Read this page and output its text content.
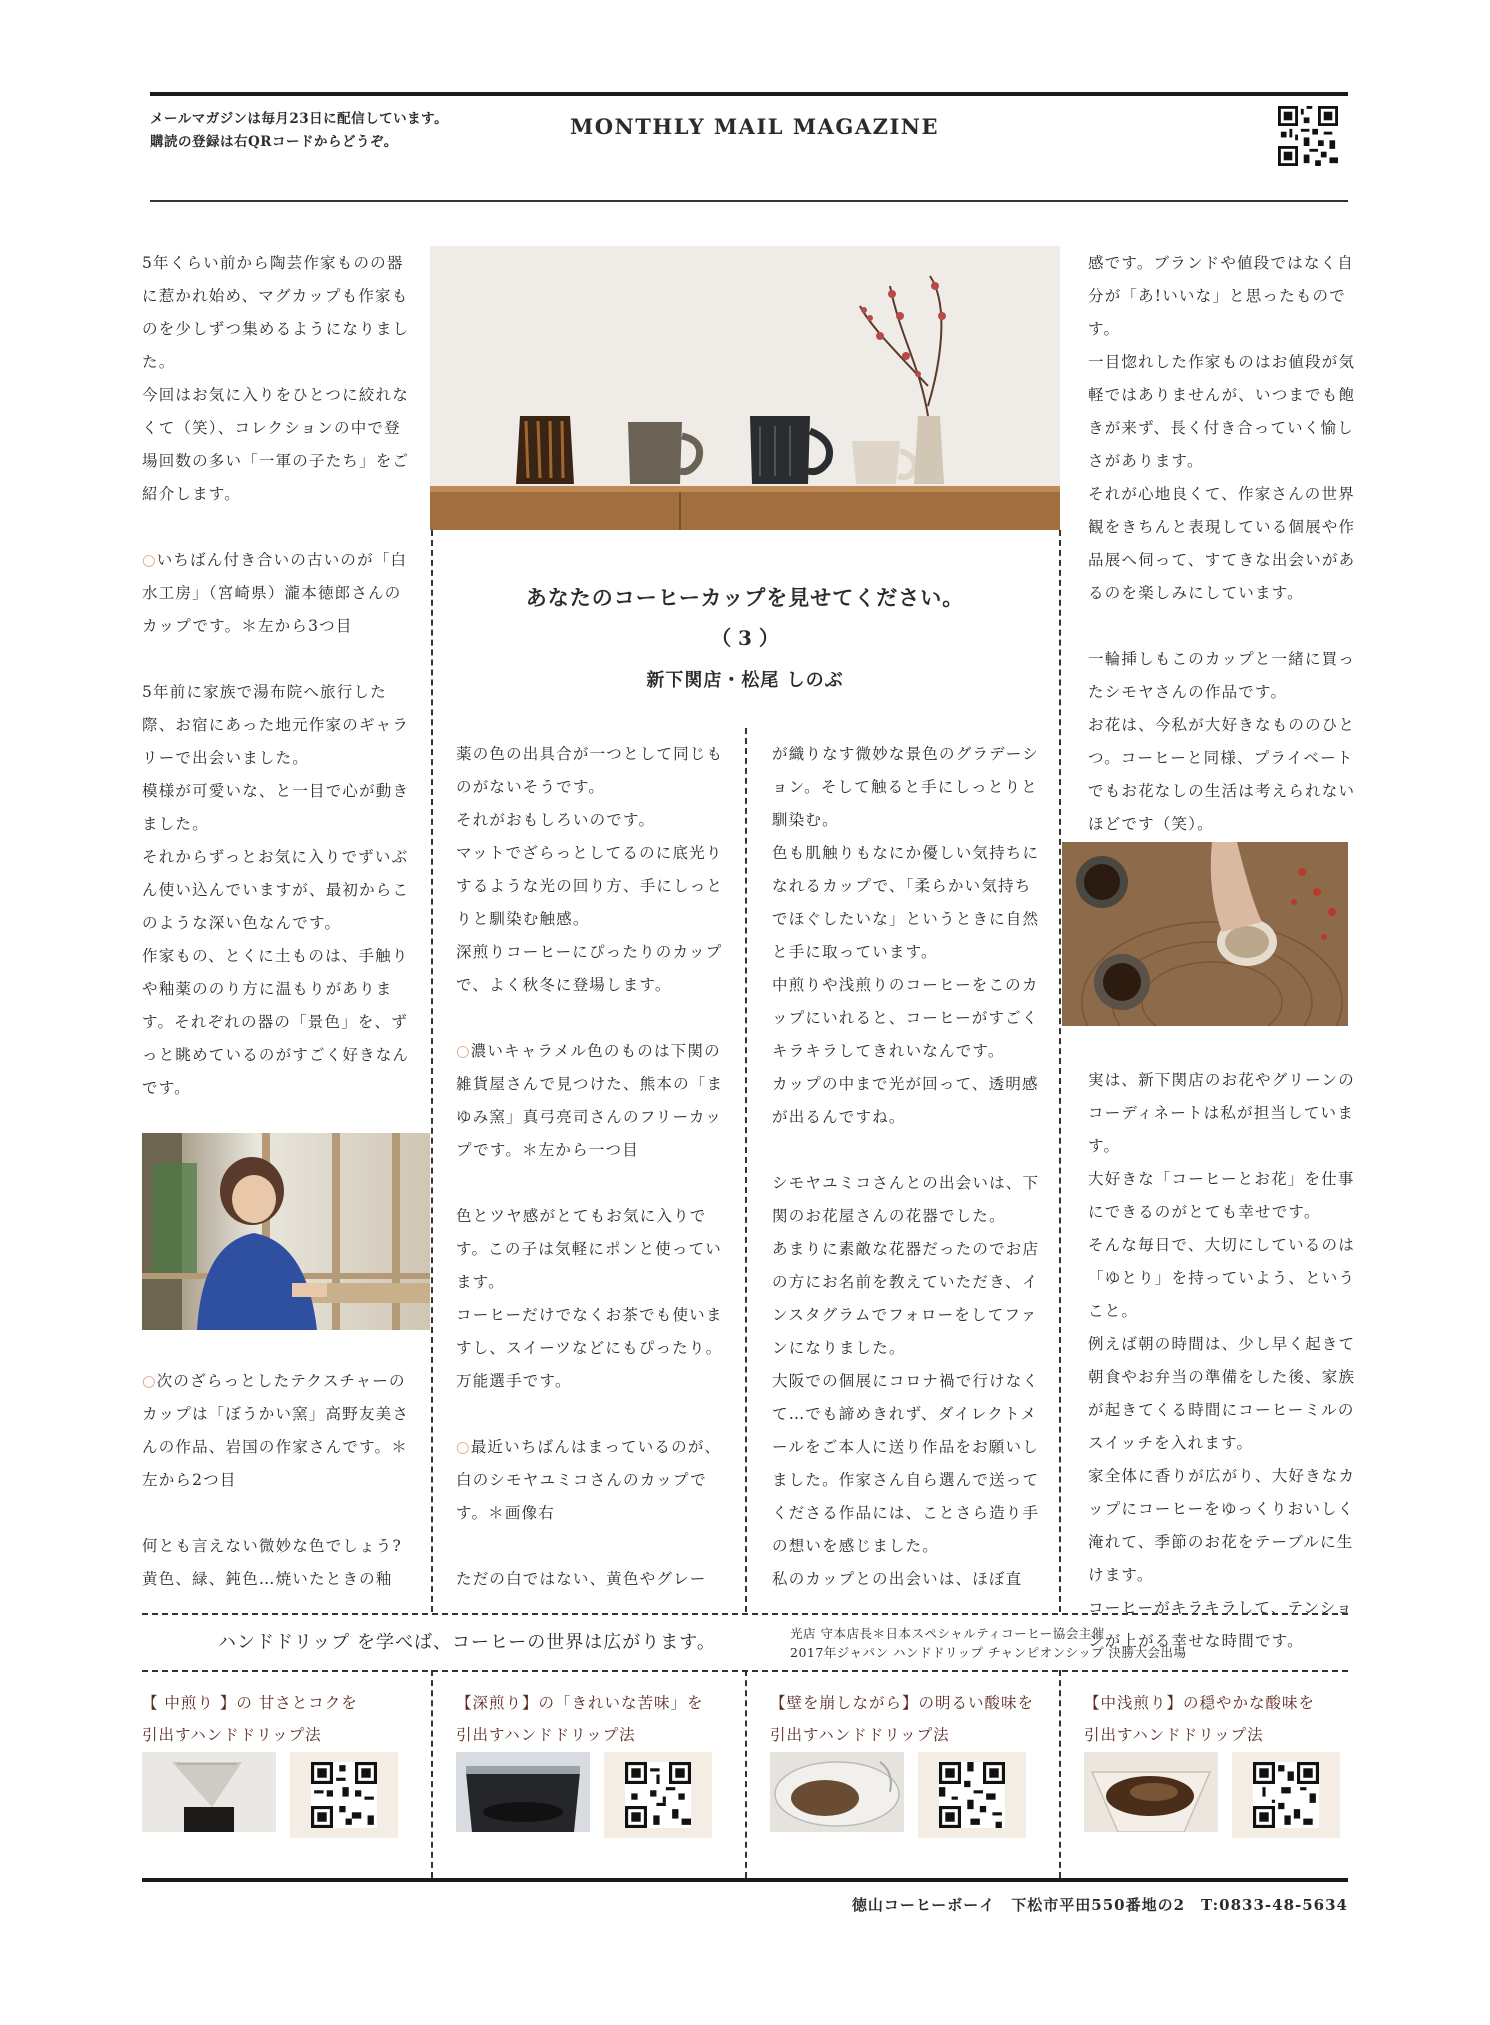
メールマガジンは毎月23日に配信しています。
購読の登録は右QRコードからどうぞ。
MONTHLY MAIL MAGAZINE

5年くらい前から陶芸作家ものの器に惹かれ始め、マグカップも作家ものを少しずつ集めるようになりました。
今回はお気に入りをひとつに絞れなくて（笑）、コレクションの中で登場回数の多い「一軍の子たち」をご紹介します。

○いちばん付き合いの古いのが「白水工房」（宮崎県）瀧本徳郎さんのカップです。＊左から3つ目

5年前に家族で湯布院へ旅行した際、お宿にあった地元作家のギャラリーで出会いました。
模様が可愛いな、と一目で心が動きました。
それからずっとお気に入りでずいぶん使い込んでいますが、最初からこのような深い色なんです。
作家もの、とくに土ものは、手触りや釉薬ののり方に温もりがあります。それぞれの器の「景色」を、ずっと眺めているのがすごく好きなんです。

○次のざらっとしたテクスチャーのカップは「ぼうかい窯」高野友美さんの作品、岩国の作家さんです。＊左から2つ目

何とも言えない微妙な色でしょう?
黄色、緑、鈍色…焼いたときの釉

あなたのコーヒーカップを見せてください。
（ 3 ）
新下関店・松尾 しのぶ

薬の色の出具合が一つとして同じものがないそうです。
それがおもしろいのです。
マットでざらっとしてるのに底光りするような光の回り方、手にしっとりと馴染む触感。
深煎りコーヒーにぴったりのカップで、よく秋冬に登場します。

○濃いキャラメル色のものは下関の雑貨屋さんで見つけた、熊本の「まゆみ窯」真弓亮司さんのフリーカップです。＊左から一つ目

色とツヤ感がとてもお気に入りです。この子は気軽にポンと使っています。
コーヒーだけでなくお茶でも使いますし、スイーツなどにもぴったり。万能選手です。

○最近いちばんはまっているのが、白のシモヤユミコさんのカップです。＊画像右

ただの白ではない、黄色やグレー

が織りなす微妙な景色のグラデーション。そして触ると手にしっとりと馴染む。
色も肌触りもなにか優しい気持ちになれるカップで、「柔らかい気持ちでほぐしたいな」というときに自然と手に取っています。
中煎りや浅煎りのコーヒーをこのカップにいれると、コーヒーがすごくキラキラしてきれいなんです。
カップの中まで光が回って、透明感が出るんですね。

シモヤユミコさんとの出会いは、下関のお花屋さんの花器でした。
あまりに素敵な花器だったのでお店の方にお名前を教えていただき、インスタグラムでフォローをしてファンになりました。
大阪での個展にコロナ禍で行けなくて…でも諦めきれず、ダイレクトメールをご本人に送り作品をお願いしました。作家さん自ら選んで送ってくださる作品には、ことさら造り手の想いを感じました。
私のカップとの出会いは、ほぼ直

感です。ブランドや値段ではなく自分が「あ!いいな」と思ったものです。
一目惚れした作家ものはお値段が気軽ではありませんが、いつまでも飽きが来ず、長く付き合っていく愉しさがあります。
それが心地良くて、作家さんの世界観をきちんと表現している個展や作品展へ伺って、すてきな出会いがあるのを楽しみにしています。

一輪挿しもこのカップと一緒に買ったシモヤさんの作品です。
お花は、今私が大好きなもののひとつ。コーヒーと同様、プライベートでもお花なしの生活は考えられないほどです（笑）。

実は、新下関店のお花やグリーンのコーディネートは私が担当しています。
大好きな「コーヒーとお花」を仕事にできるのがとても幸せです。
そんな毎日で、大切にしているのは「ゆとり」を持っていよう、ということ。
例えば朝の時間は、少し早く起きて朝食やお弁当の準備をした後、家族が起きてくる時間にコーヒーミルのスイッチを入れます。
家全体に香りが広がり、大好きなカップにコーヒーをゆっくりおいしく淹れて、季節のお花をテーブルに生けます。
コーヒーがキラキラして、テンションが上がる幸せな時間です。

ハンドドリップ を学べば、コーヒーの世界は広がります。	光店 守本店長＊日本スペシャルティコーヒー協会主催
2017年ジャパン ハンドドリップ チャンピオンシップ 決勝大会出場
【 中煎り 】の 甘さとコクを
引出すハンドドリップ法
【深煎り】の「きれいな苦味」を
引出すハンドドリップ法
【壁を崩しながら】の明るい酸味を
引出すハンドドリップ法
【中浅煎り】の穏やかな酸味を
引出すハンドドリップ法
徳山コーヒーボーイ　下松市平田550番地の2　T:0833-48-5634
